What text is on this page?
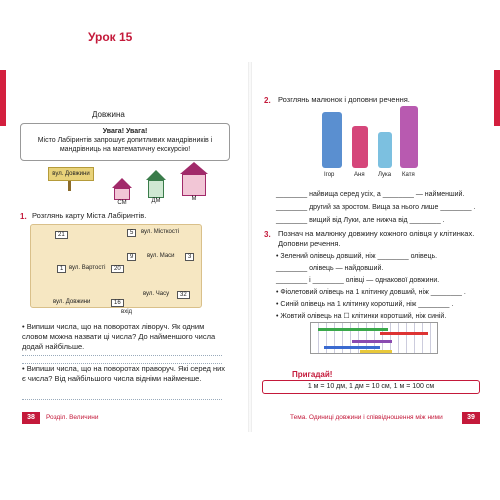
Урок 15
Довжина
Увага! Увага!
Місто Лабіринтів запрошує допитливих мандрівників і мандрівниць на математичну екскурсію!
вул. Довжини
СМ	ДМ	М
1. Розглянь карту Міста Лабіринтів.
21	5	вул. Місткості
1 вул. Вартості	20
9	вул. Маси	3
вул. Часу	32
вул. Довжини	16
вхід
• Випиши числа, що на поворотах ліворуч. Як одним словом можна назвати ці числа? До найменшого числа додай найбільше.
• Випиши числа, що на поворотах праворуч. Які серед них є числа? Від найбільшого числа відніми найменше.
38	Розділ. Величини
2. Розглянь малюнок і доповни речення.
Ігор	Аня Лука Катя
________ найвища серед усіх, а ________ — найменший.
________ другий за зростом. Вища за нього лише ________ .
________ вищий від Луки, але нижча від ________ .
3. Познач на малюнку довжину кожного олівця у клітинках. Доповни речення.
• Зелений олівець довший, ніж ________ олівець.
________ олівець — найдовший.
________ і ________ олівці — однакової довжини.
• Фіолетовий олівець на 1 клітинку довший, ніж ________ .
• Синій олівець на 1 клітинку коротший, ніж ________ .
• Жовтий олівець на ☐ клітинки коротший, ніж синій.
Пригадай!
1 м = 10 дм, 1 дм = 10 см, 1 м = 100 см
Тема. Одиниці довжини і співвідношення між ними	39
